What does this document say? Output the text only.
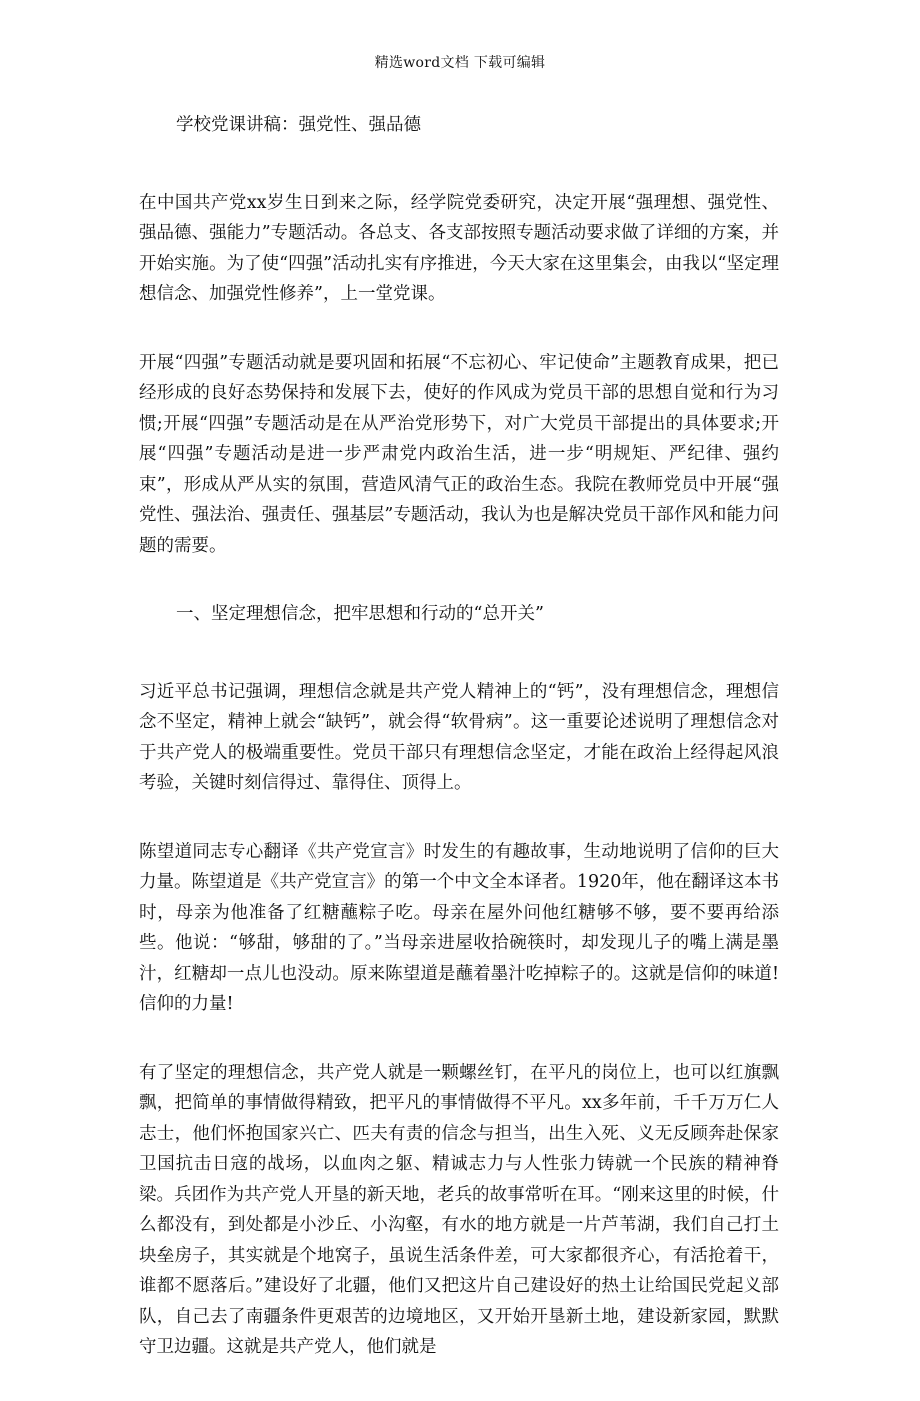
精选word文档 下载可编辑
学校党课讲稿：强党性、强品德
在中国共产党xx岁生日到来之际，经学院党委研究，决定开展“强理想、强党性、强品德、强能力”专题活动。各总支、各支部按照专题活动要求做了详细的方案，并开始实施。为了使“四强”活动扎实有序推进，今天大家在这里集会，由我以“坚定理想信念、加强党性修养”，上一堂党课。
开展“四强”专题活动就是要巩固和拓展“不忘初心、牢记使命”主题教育成果，把已经形成的良好态势保持和发展下去，使好的作风成为党员干部的思想自觉和行为习惯;开展“四强”专题活动是在从严治党形势下，对广大党员干部提出的具体要求;开展“四强”专题活动是进一步严肃党内政治生活，进一步“明规矩、严纪律、强约束”，形成从严从实的氛围，营造风清气正的政治生态。我院在教师党员中开展“强党性、强法治、强责任、强基层”专题活动，我认为也是解决党员干部作风和能力问题的需要。
一、坚定理想信念，把牢思想和行动的“总开关”
习近平总书记强调，理想信念就是共产党人精神上的“钙”，没有理想信念，理想信念不坚定，精神上就会“缺钙”，就会得“软骨病”。这一重要论述说明了理想信念对于共产党人的极端重要性。党员干部只有理想信念坚定，才能在政治上经得起风浪考验，关键时刻信得过、靠得住、顶得上。
陈望道同志专心翻译《共产党宣言》时发生的有趣故事，生动地说明了信仰的巨大力量。陈望道是《共产党宣言》的第一个中文全本译者。1920年，他在翻译这本书时，母亲为他准备了红糖蘸粽子吃。母亲在屋外问他红糖够不够，要不要再给添些。他说：“够甜，够甜的了。”当母亲进屋收拾碗筷时，却发现儿子的嘴上满是墨汁，红糖却一点儿也没动。原来陈望道是蘸着墨汁吃掉粽子的。这就是信仰的味道!信仰的力量!
有了坚定的理想信念，共产党人就是一颗螺丝钉，在平凡的岗位上，也可以红旗飘飘，把简单的事情做得精致，把平凡的事情做得不平凡。xx多年前，千千万万仁人志士，他们怀抱国家兴亡、匹夫有责的信念与担当，出生入死、义无反顾奔赴保家卫国抗击日寇的战场，以血肉之躯、精诚志力与人性张力铸就一个民族的精神脊梁。兵团作为共产党人开垦的新天地，老兵的故事常听在耳。“刚来这里的时候，什么都没有，到处都是小沙丘、小沟壑，有水的地方就是一片芦苇湖，我们自己打土块垒房子，其实就是个地窝子，虽说生活条件差，可大家都很齐心，有活抢着干，谁都不愿落后。”建设好了北疆，他们又把这片自己建设好的热土让给国民党起义部队，自己去了南疆条件更艰苦的边境地区，又开始开垦新土地，建设新家园，默默守卫边疆。这就是共产党人，他们就是
